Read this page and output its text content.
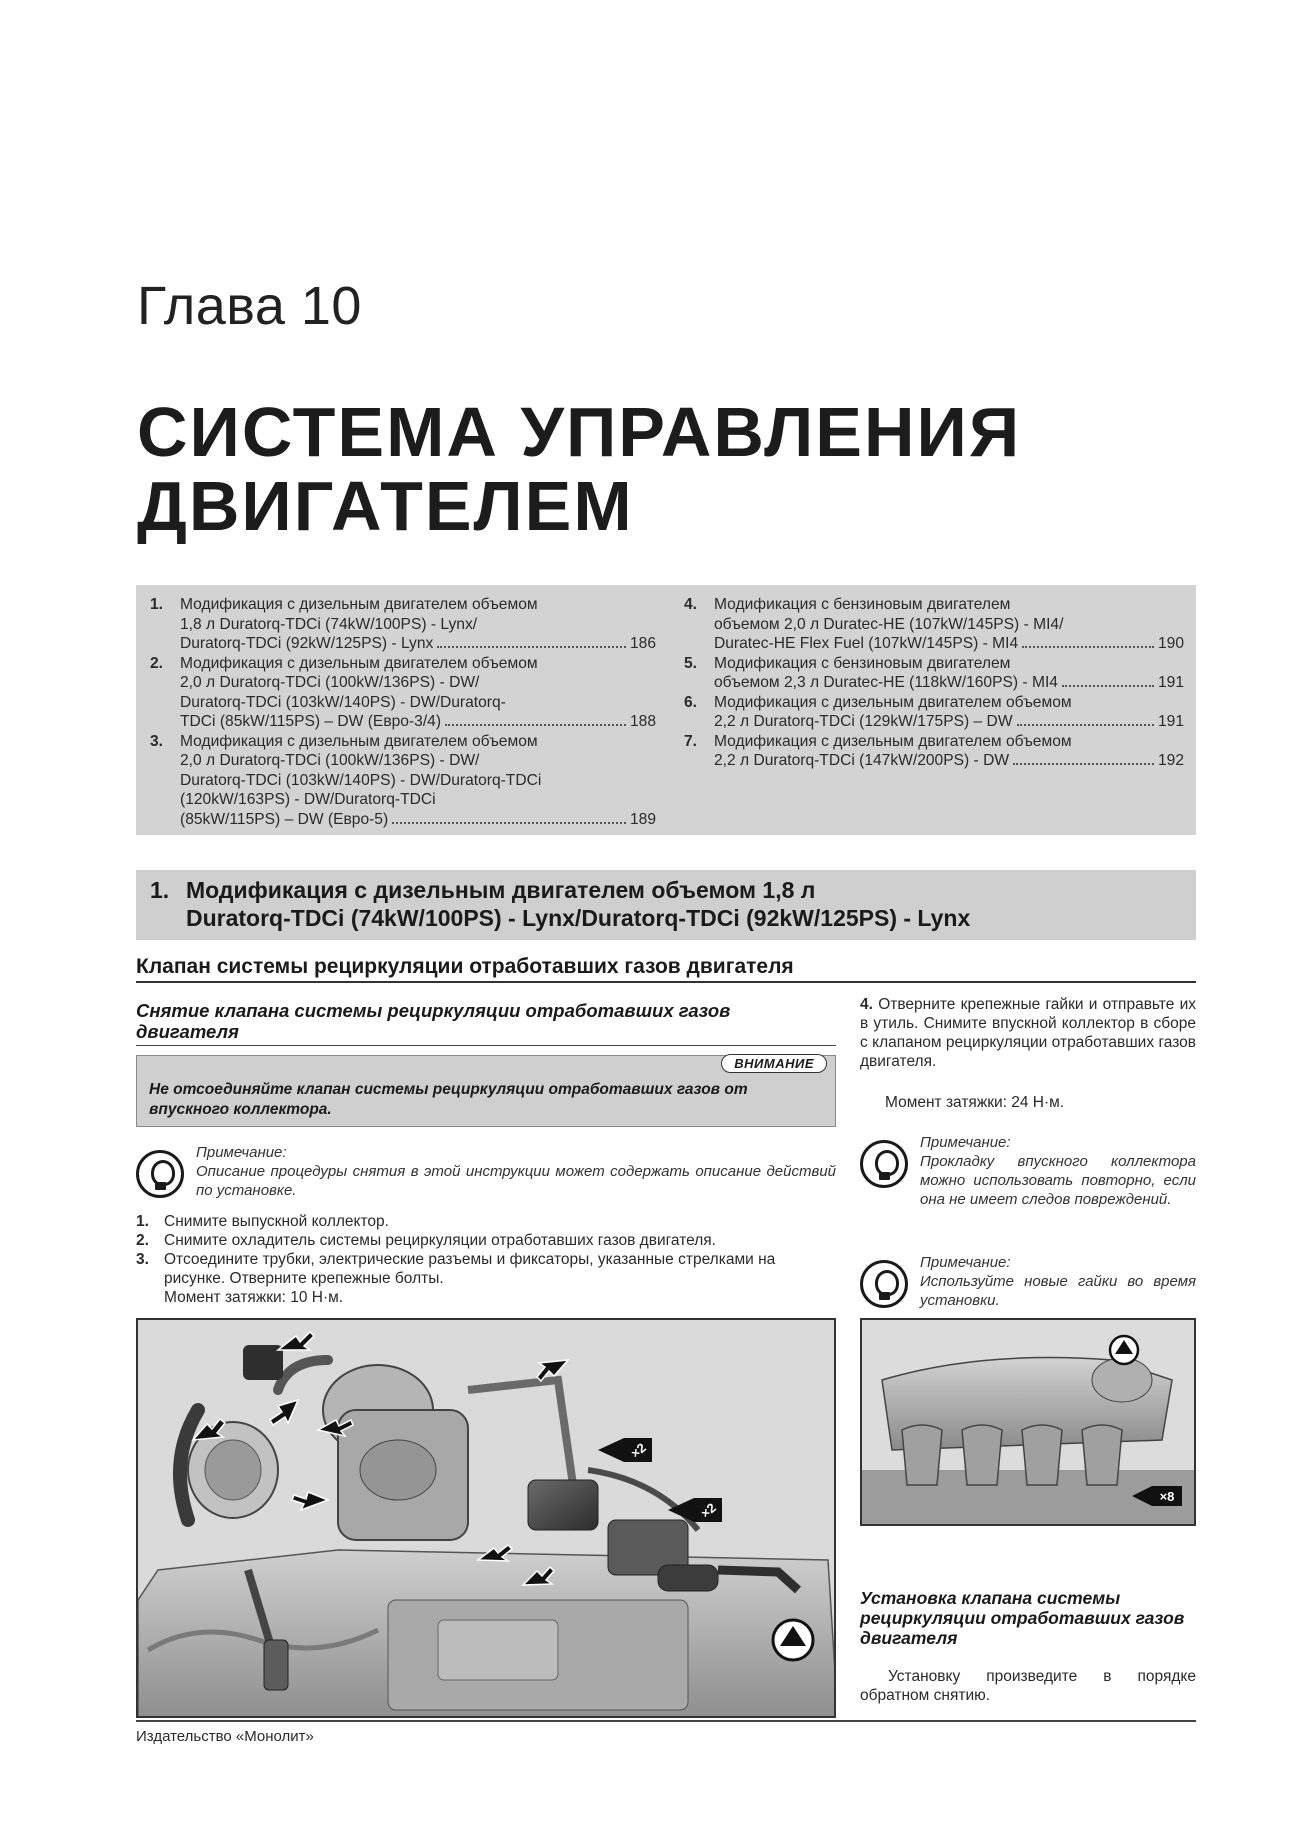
Глава 10
СИСТЕМА УПРАВЛЕНИЯ
ДВИГАТЕЛЕМ
1.	Модификация с дизельным двигателем объемом
1,8 л Duratorq-TDCi (74kW/100PS) - Lynx/
Duratorq-TDCi (92kW/125PS) - Lynx	186
2.	Модификация с дизельным двигателем объемом
2,0 л Duratorq-TDCi (100kW/136PS) - DW/
Duratorq-TDCi (103kW/140PS) - DW/Duratorq-
TDCi (85kW/115PS) – DW (Евро-3/4)	188
3.	Модификация с дизельным двигателем объемом
2,0 л Duratorq-TDCi (100kW/136PS) - DW/
Duratorq-TDCi (103kW/140PS) - DW/Duratorq-TDCi
(120kW/163PS) - DW/Duratorq-TDCi
(85kW/115PS) – DW (Евро-5)	189
4.	Модификация с бензиновым двигателем
объемом 2,0 л Duratec-HE (107kW/145PS) - MI4/
Duratec-HE Flex Fuel (107kW/145PS) - MI4	190
5.	Модификация с бензиновым двигателем
объемом 2,3 л Duratec-HE (118kW/160PS) - MI4	191
6.	Модификация с дизельным двигателем объемом
2,2 л Duratorq-TDCi (129kW/175PS) – DW	191
7.	Модификация с дизельным двигателем объемом
2,2 л Duratorq-TDCi (147kW/200PS) - DW	192
1. Модификация с дизельным двигателем объемом 1,8 л
Duratorq-TDCi (74kW/100PS) - Lynx/Duratorq-TDCi (92kW/125PS) - Lynx
Клапан системы рециркуляции отработавших газов двигателя
Снятие клапана системы рециркуляции отработавших газов двигателя
ВНИМАНИЕ
Не отсоединяйте клапан системы рециркуляции отработавших газов от впускного коллектора.
Примечание:
Описание процедуры снятия в этой инструкции может содержать описание действий по установке.
1. Снимите выпускной коллектор.
2. Снимите охладитель системы рециркуляции отработавших газов двигателя.
3. Отсоедините трубки, электрические разъемы и фиксаторы, указанные стрелками на рисунке. Отверните крепежные болты.
Момент затяжки: 10 Н·м.
4. Отверните крепежные гайки и отправьте их в утиль. Снимите впускной коллектор в сборе с клапаном рециркуляции отработавших газов двигателя.
Момент затяжки: 24 Н·м.
Примечание:
Прокладку впускного коллектора можно использовать повторно, если она не имеет следов повреждений.
Примечание:
Используйте новые гайки во время установки.
×2
×2
×8
Установка клапана системы рециркуляции отработавших газов двигателя
Установку произведите в порядке обратном снятию.
Издательство «Монолит»
